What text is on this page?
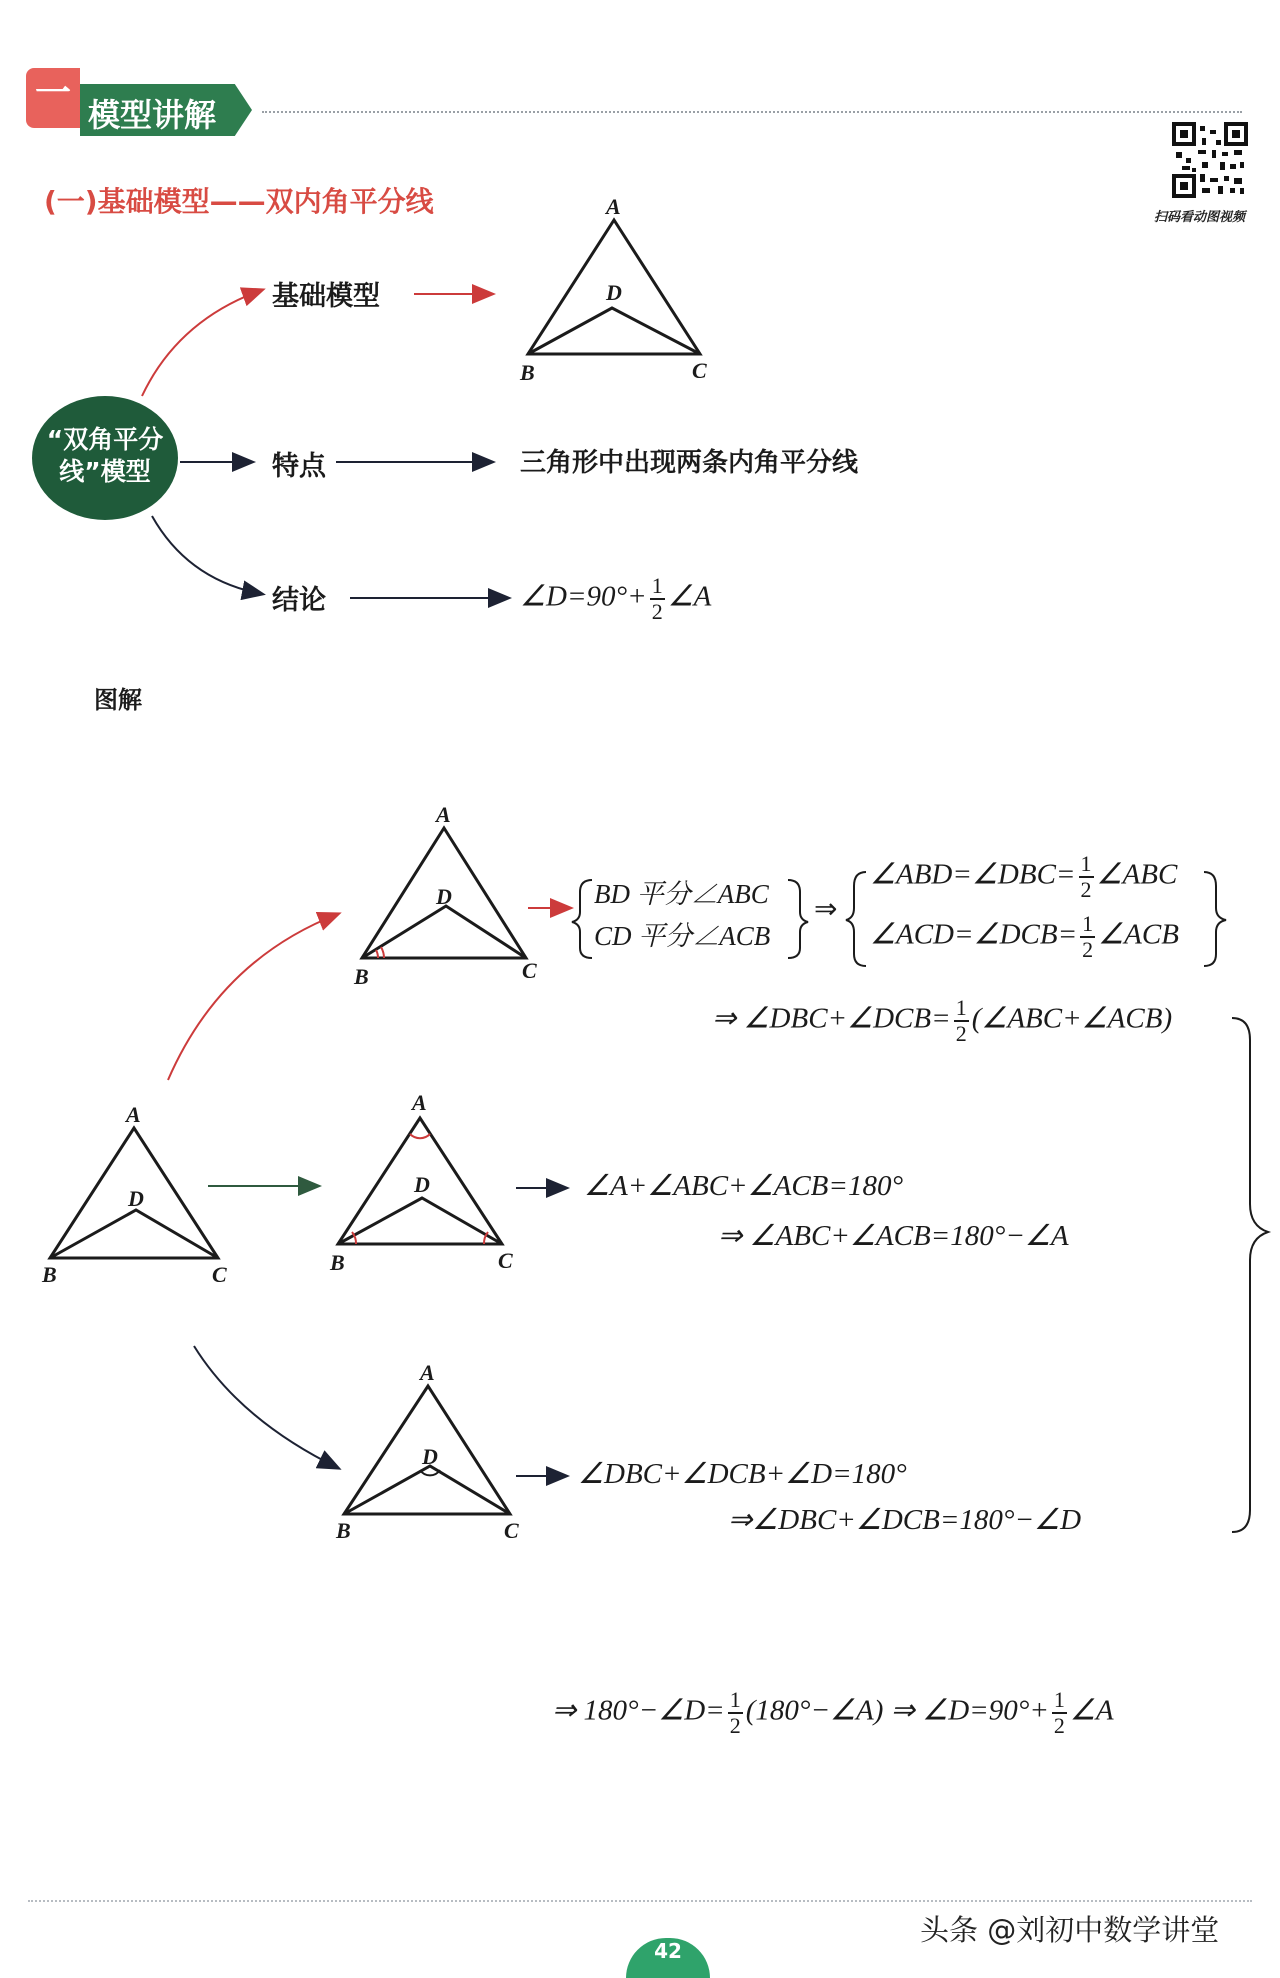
一
模型讲解
扫码看动图视频
(一)基础模型——双内角平分线	A
D
B	C
“双角平分
线”模型
基础模型
特点	三角形中出现两条内角平分线
结论	∠D=90°+ $\frac{1}{2}$ ∠A
图解
A
D
B	C
A
D
B	C
A
D
B	C
A
D
B	C
BD 平分∠ABC
CD 平分∠ACB
⇒
∠ABD=∠DBC= $\frac{1}{2}$ ∠ABC
∠ACD=∠DCB= $\frac{1}{2}$ ∠ACB
⇒ ∠DBC+∠DCB= $\frac{1}{2}$ (∠ABC+∠ACB)
∠A+∠ABC+∠ACB=180°
⇒ ∠ABC+∠ACB=180°−∠A
∠DBC+∠DCB+∠D=180°
⇒∠DBC+∠DCB=180°−∠D
⇒ 180°−∠D= $\frac{1}{2}$ (180°−∠A) ⇒ ∠D=90°+ $\frac{1}{2}$ ∠A
头条 @刘初中数学讲堂
42
